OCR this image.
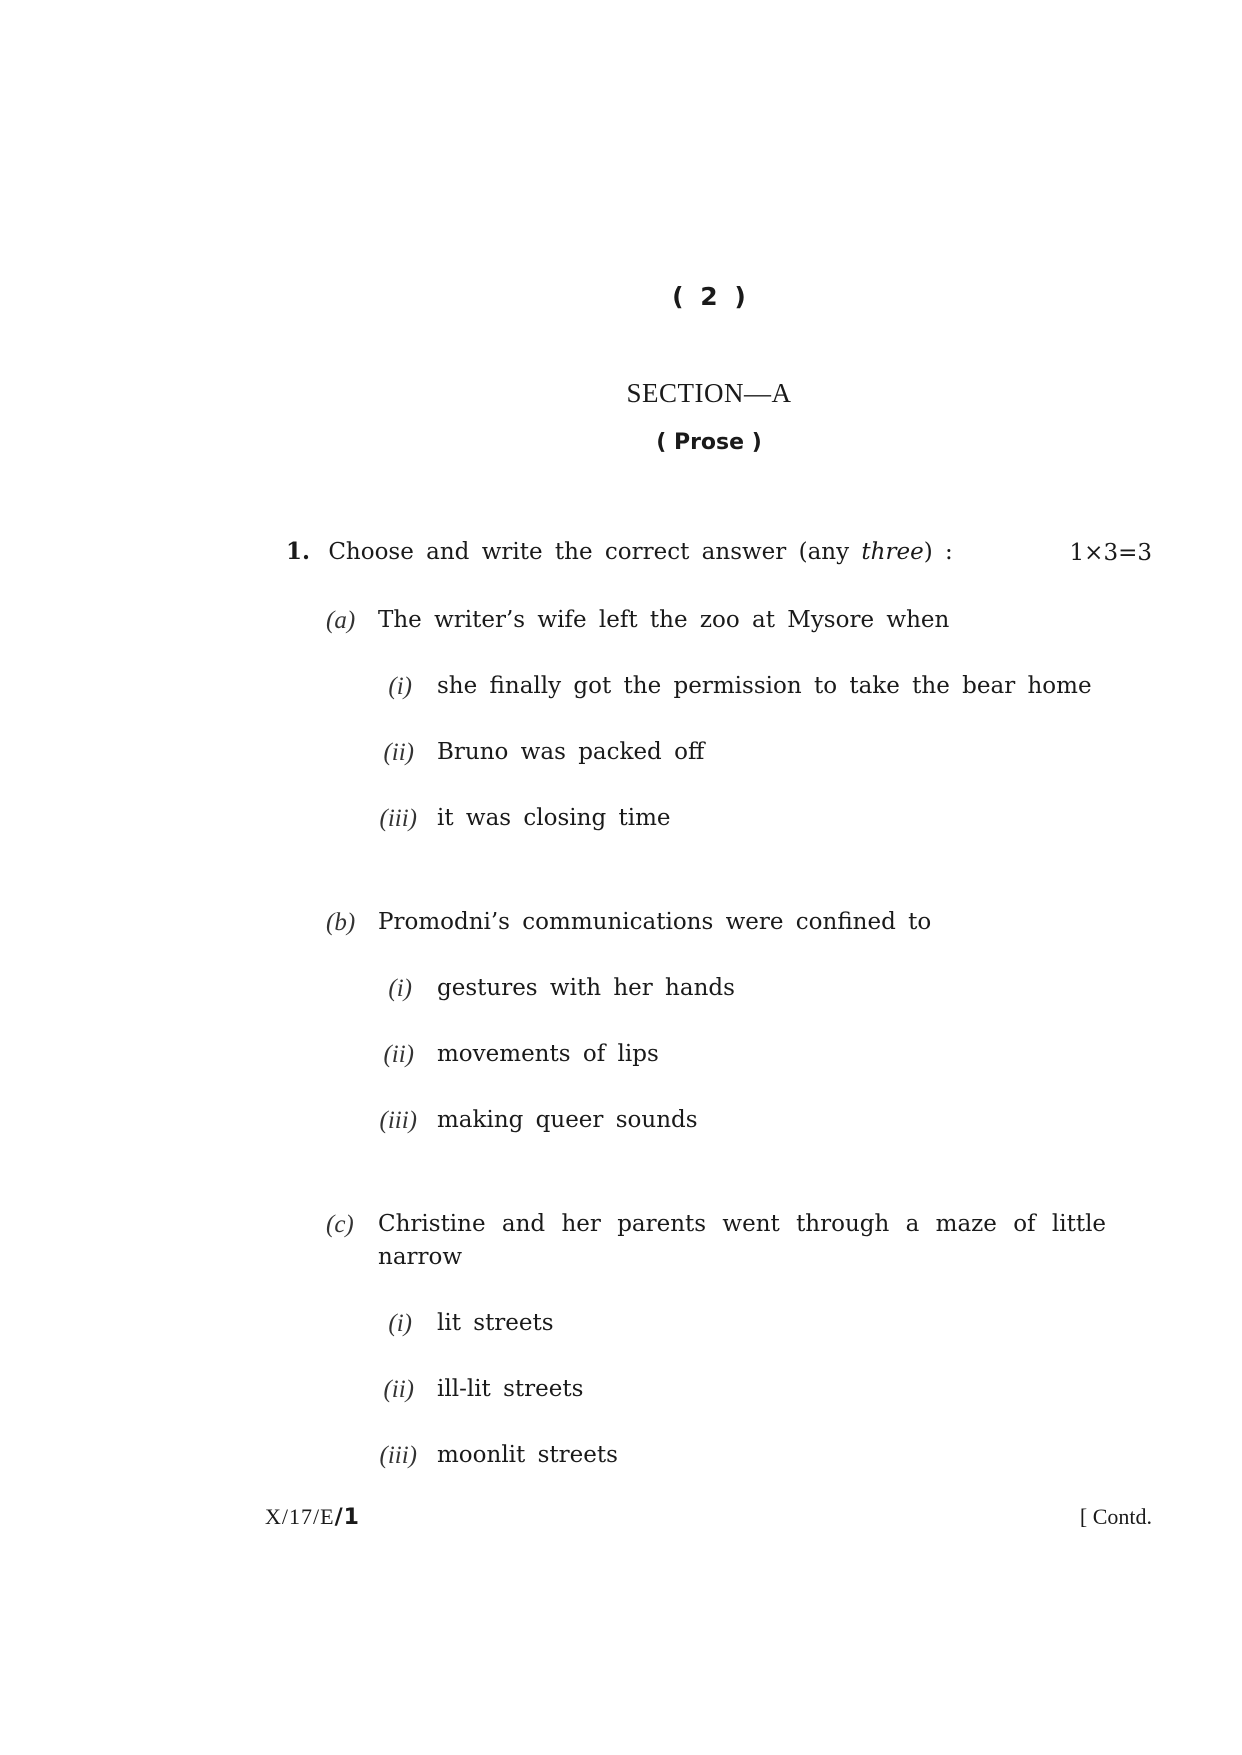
( 2 )
SECTION—A
( Prose )
1. Choose and write the correct answer (any three) :	1×3=3
(a) The writer’s wife left the zoo at Mysore when
(i) she finally got the permission to take the bear home
(ii) Bruno was packed off
(iii) it was closing time
(b) Promodni’s communications were confined to
(i) gestures with her hands
(ii) movements of lips
(iii) making queer sounds
(c) Christine and her parents went through a maze of little
narrow
(i) lit streets
(ii) ill-lit streets
(iii) moonlit streets
X/17/E/1	[ Contd.
